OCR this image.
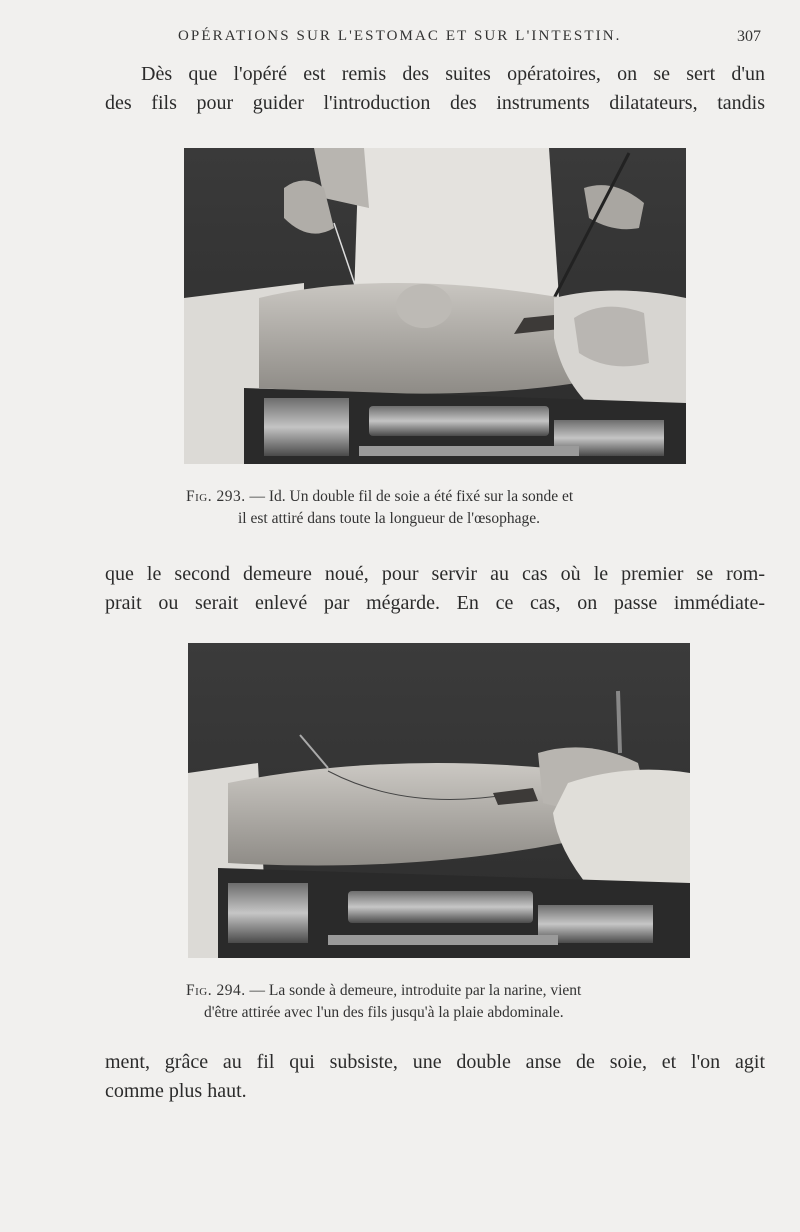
OPÉRATIONS SUR L'ESTOMAC ET SUR L'INTESTIN.	307
Dès que l'opéré est remis des suites opératoires, on se sert d'un
des fils pour guider l'introduction des instruments dilatateurs, tandis
Fig. 293. — Id. Un double fil de soie a été fixé sur la sonde et
il est attiré dans toute la longueur de l'œsophage.
que le second demeure noué, pour servir au cas où le premier se rom-
prait ou serait enlevé par mégarde. En ce cas, on passe immédiate-
Fig. 294. — La sonde à demeure, introduite par la narine, vient
d'être attirée avec l'un des fils jusqu'à la plaie abdominale.
ment, grâce au fil qui subsiste, une double anse de soie, et l'on agit
comme plus haut.
